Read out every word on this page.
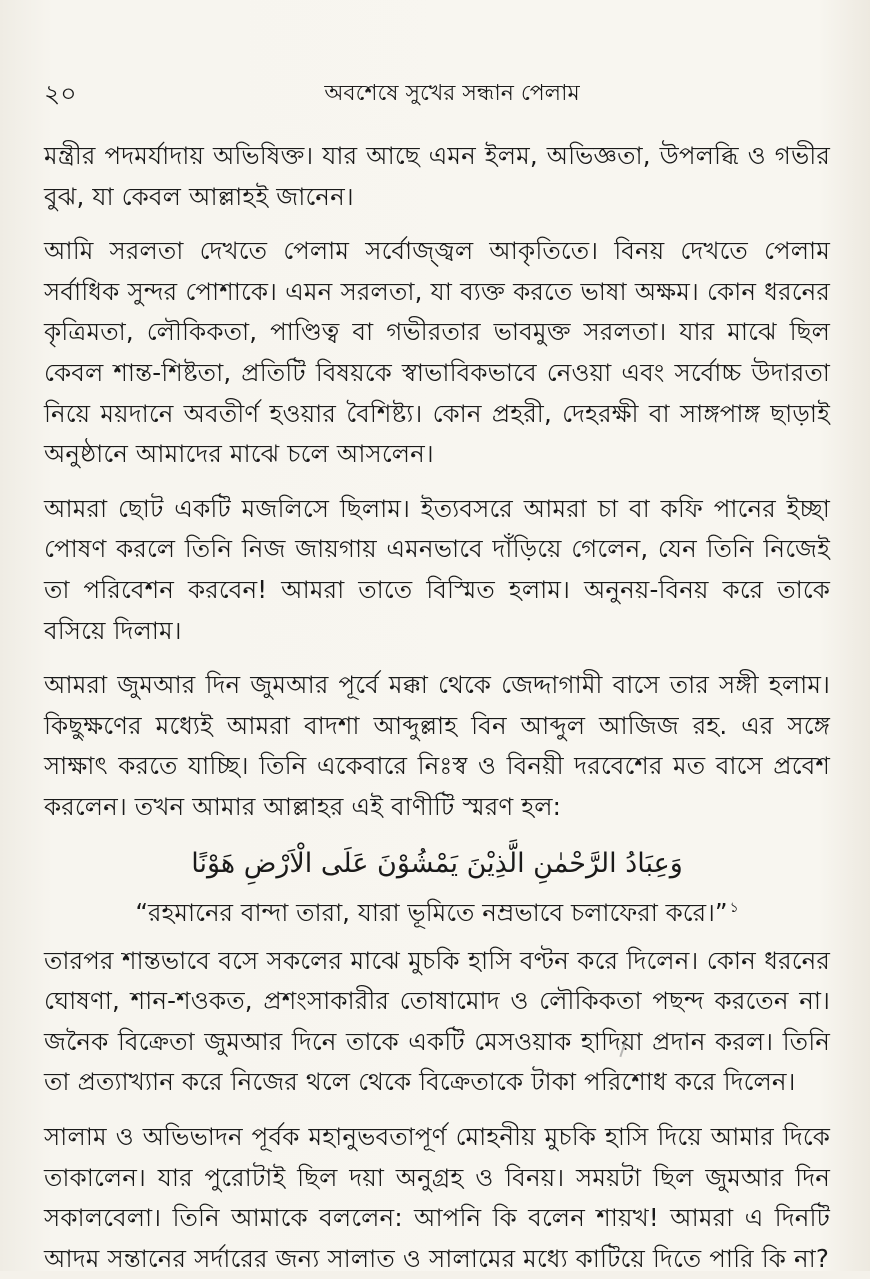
২০	অবশেষে সুখের সন্ধান পেলাম

মন্ত্রীর পদমর্যাদায় অভিষিক্ত। যার আছে এমন ইলম, অভিজ্ঞতা, উপলব্ধি ও গভীর বুঝ, যা কেবল আল্লাহই জানেন।

আমি সরলতা দেখতে পেলাম সর্বোজ্জ্বল আকৃতিতে। বিনয় দেখতে পেলাম সর্বাধিক সুন্দর পোশাকে। এমন সরলতা, যা ব্যক্ত করতে ভাষা অক্ষম। কোন ধরনের কৃত্রিমতা, লৌকিকতা, পাণ্ডিত্ব বা গভীরতার ভাবমুক্ত সরলতা। যার মাঝে ছিল কেবল শান্ত-শিষ্টতা, প্রতিটি বিষয়কে স্বাভাবিকভাবে নেওয়া এবং সর্বোচ্চ উদারতা নিয়ে ময়দানে অবতীর্ণ হওয়ার বৈশিষ্ট্য। কোন প্রহরী, দেহরক্ষী বা সাঙ্গপাঙ্গ ছাড়াই অনুষ্ঠানে আমাদের মাঝে চলে আসলেন।

আমরা ছোট একটি মজলিসে ছিলাম। ইত্যবসরে আমরা চা বা কফি পানের ইচ্ছা পোষণ করলে তিনি নিজ জায়গায় এমনভাবে দাঁড়িয়ে গেলেন, যেন তিনি নিজেই তা পরিবেশন করবেন! আমরা তাতে বিস্মিত হলাম। অনুনয়-বিনয় করে তাকে বসিয়ে দিলাম।

আমরা জুমআর দিন জুমআর পূর্বে মক্কা থেকে জেদ্দাগামী বাসে তার সঙ্গী হলাম। কিছুক্ষণের মধ্যেই আমরা বাদশা আব্দুল্লাহ বিন আব্দুল আজিজ রহ. এর সঙ্গে সাক্ষাৎ করতে যাচ্ছি। তিনি একেবারে নিঃস্ব ও বিনয়ী দরবেশের মত বাসে প্রবেশ করলেন। তখন আমার আল্লাহর এই বাণীটি স্মরণ হল:

وَعِبَادُ الرَّحْمٰنِ الَّذِيْنَ يَمْشُوْنَ عَلَى الْاَرْضِ هَوْنًا
“রহমানের বান্দা তারা, যারা ভূমিতে নম্রভাবে চলাফেরা করে।” $^১$

তারপর শান্তভাবে বসে সকলের মাঝে মুচকি হাসি বণ্টন করে দিলেন। কোন ধরনের ঘোষণা, শান-শওকত, প্রশংসাকারীর তোষামোদ ও লৌকিকতা পছন্দ করতেন না। জনৈক বিক্রেতা জুমআর দিনে তাকে একটি মেসওয়াক হাদিয়া প্রদান করল। তিনি তা প্রত্যাখ্যান করে নিজের থলে থেকে বিক্রেতাকে টাকা পরিশোধ করে দিলেন।

সালাম ও অভিভাদন পূর্বক মহানুভবতাপূর্ণ মোহনীয় মুচকি হাসি দিয়ে আমার দিকে তাকালেন। যার পুরোটাই ছিল দয়া অনুগ্রহ ও বিনয়। সময়টা ছিল জুমআর দিন সকালবেলা। তিনি আমাকে বললেন: আপনি কি বলেন শায়খ! আমরা এ দিনটি আদম সন্তানের সর্দারের জন্য সালাত ও সালামের মধ্যে কাটিয়ে দিতে পারি কি না?
